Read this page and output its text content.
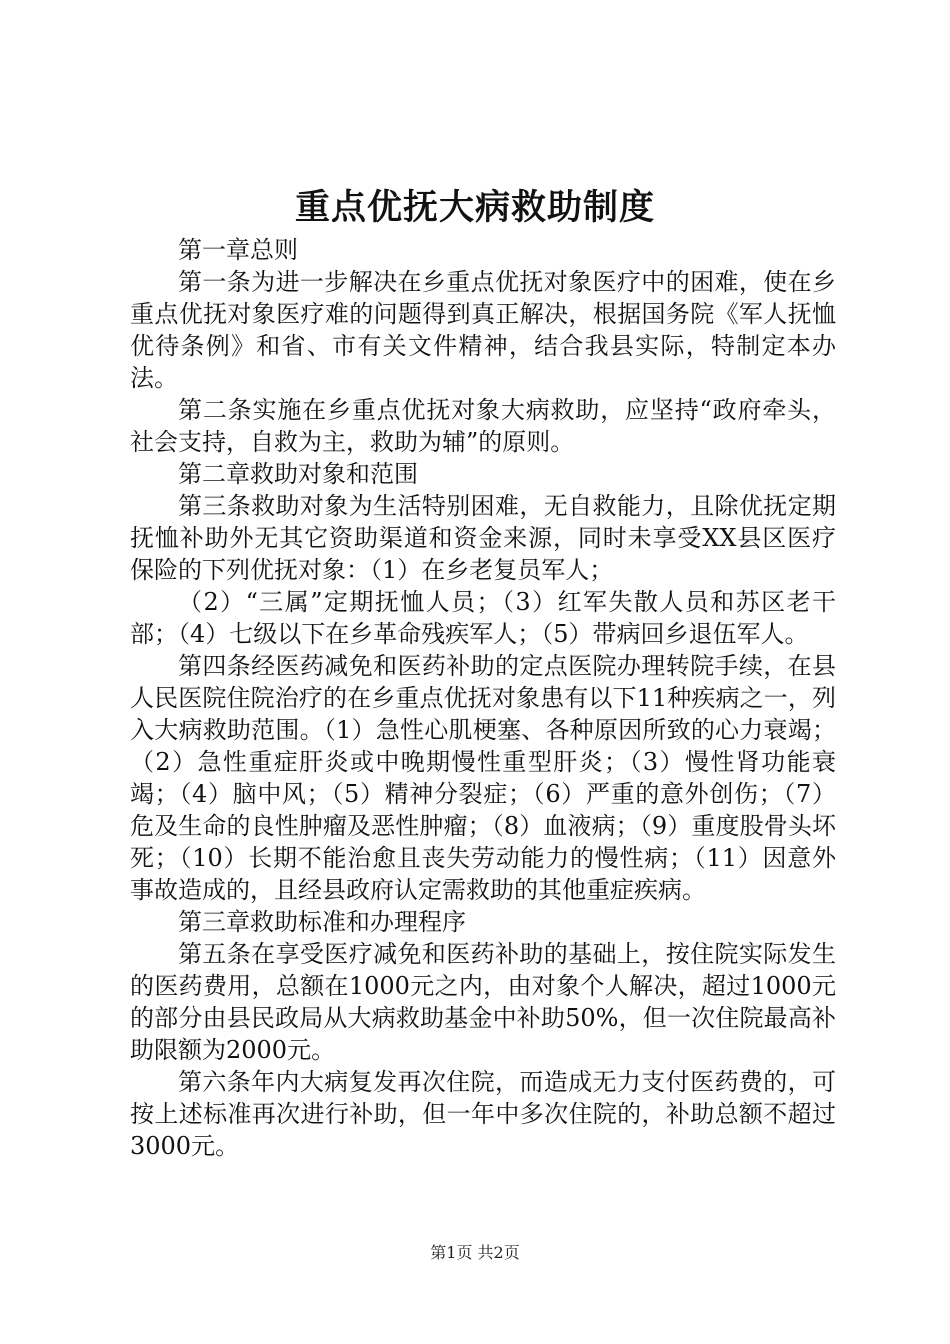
重点优抚大病救助制度

第一章总则

第一条为进一步解决在乡重点优抚对象医疗中的困难，使在乡重点优抚对象医疗难的问题得到真正解决，根据国务院《军人抚恤优待条例》和省、市有关文件精神，结合我县实际，特制定本办法。

第二条实施在乡重点优抚对象大病救助，应坚持“政府牵头，社会支持，自救为主，救助为辅”的原则。

第二章救助对象和范围

第三条救助对象为生活特别困难，无自救能力，且除优抚定期抚恤补助外无其它资助渠道和资金来源，同时未享受XX县区医疗保险的下列优抚对象：（1）在乡老复员军人；

（2）“三属”定期抚恤人员；（3）红军失散人员和苏区老干部；（4）七级以下在乡革命残疾军人；（5）带病回乡退伍军人。

第四条经医药减免和医药补助的定点医院办理转院手续，在县人民医院住院治疗的在乡重点优抚对象患有以下11种疾病之一，列入大病救助范围。（1）急性心肌梗塞、各种原因所致的心力衰竭；（2）急性重症肝炎或中晚期慢性重型肝炎；（3）慢性肾功能衰竭；（4）脑中风；（5）精神分裂症；（6）严重的意外创伤；（7）危及生命的良性肿瘤及恶性肿瘤；（8）血液病；（9）重度股骨头坏死；（10）长期不能治愈且丧失劳动能力的慢性病；（11）因意外事故造成的，且经县政府认定需救助的其他重症疾病。

第三章救助标准和办理程序

第五条在享受医疗减免和医药补助的基础上，按住院实际发生的医药费用，总额在1000元之内，由对象个人解决，超过1000元的部分由县民政局从大病救助基金中补助50%，但一次住院最高补助限额为2000元。

第六条年内大病复发再次住院，而造成无力支付医药费的，可按上述标准再次进行补助，但一年中多次住院的，补助总额不超过3000元。

第1页 共2页
